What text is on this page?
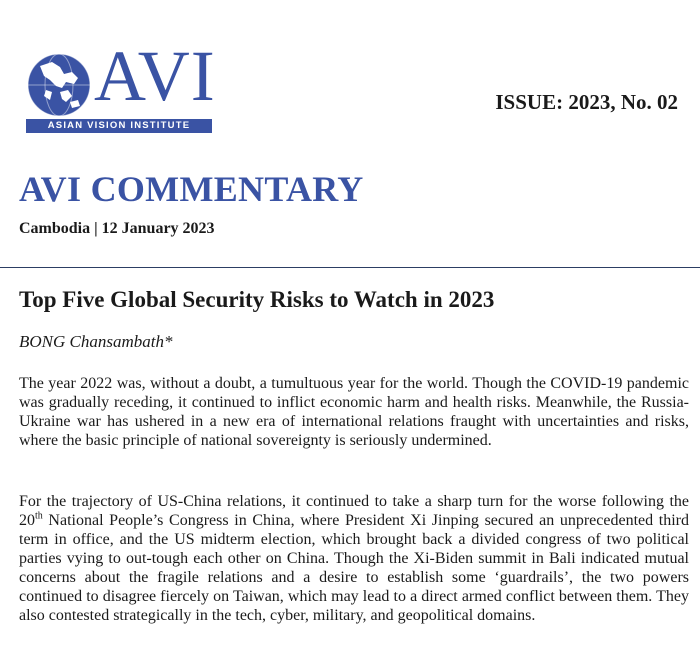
AVI
ASIAN VISION INSTITUTE
ISSUE: 2023, No. 02
AVI COMMENTARY
Cambodia | 12 January 2023
Top Five Global Security Risks to Watch in 2023
BONG Chansambath*

The year 2022 was, without a doubt, a tumultuous year for the world. Though the COVID-19 pandemic was gradually receding, it continued to inflict economic harm and health risks. Meanwhile, the Russia-Ukraine war has ushered in a new era of international relations fraught with uncertainties and risks, where the basic principle of national sovereignty is seriously undermined.

For the trajectory of US-China relations, it continued to take a sharp turn for the worse following the 20th National People’s Congress in China, where President Xi Jinping secured an unprecedented third term in office, and the US midterm election, which brought back a divided congress of two political parties vying to out-tough each other on China. Though the Xi-Biden summit in Bali indicated mutual concerns about the fragile relations and a desire to establish some ‘guardrails’, the two powers continued to disagree fiercely on Taiwan, which may lead to a direct armed conflict between them. They also contested strategically in the tech, cyber, military, and geopolitical domains.
